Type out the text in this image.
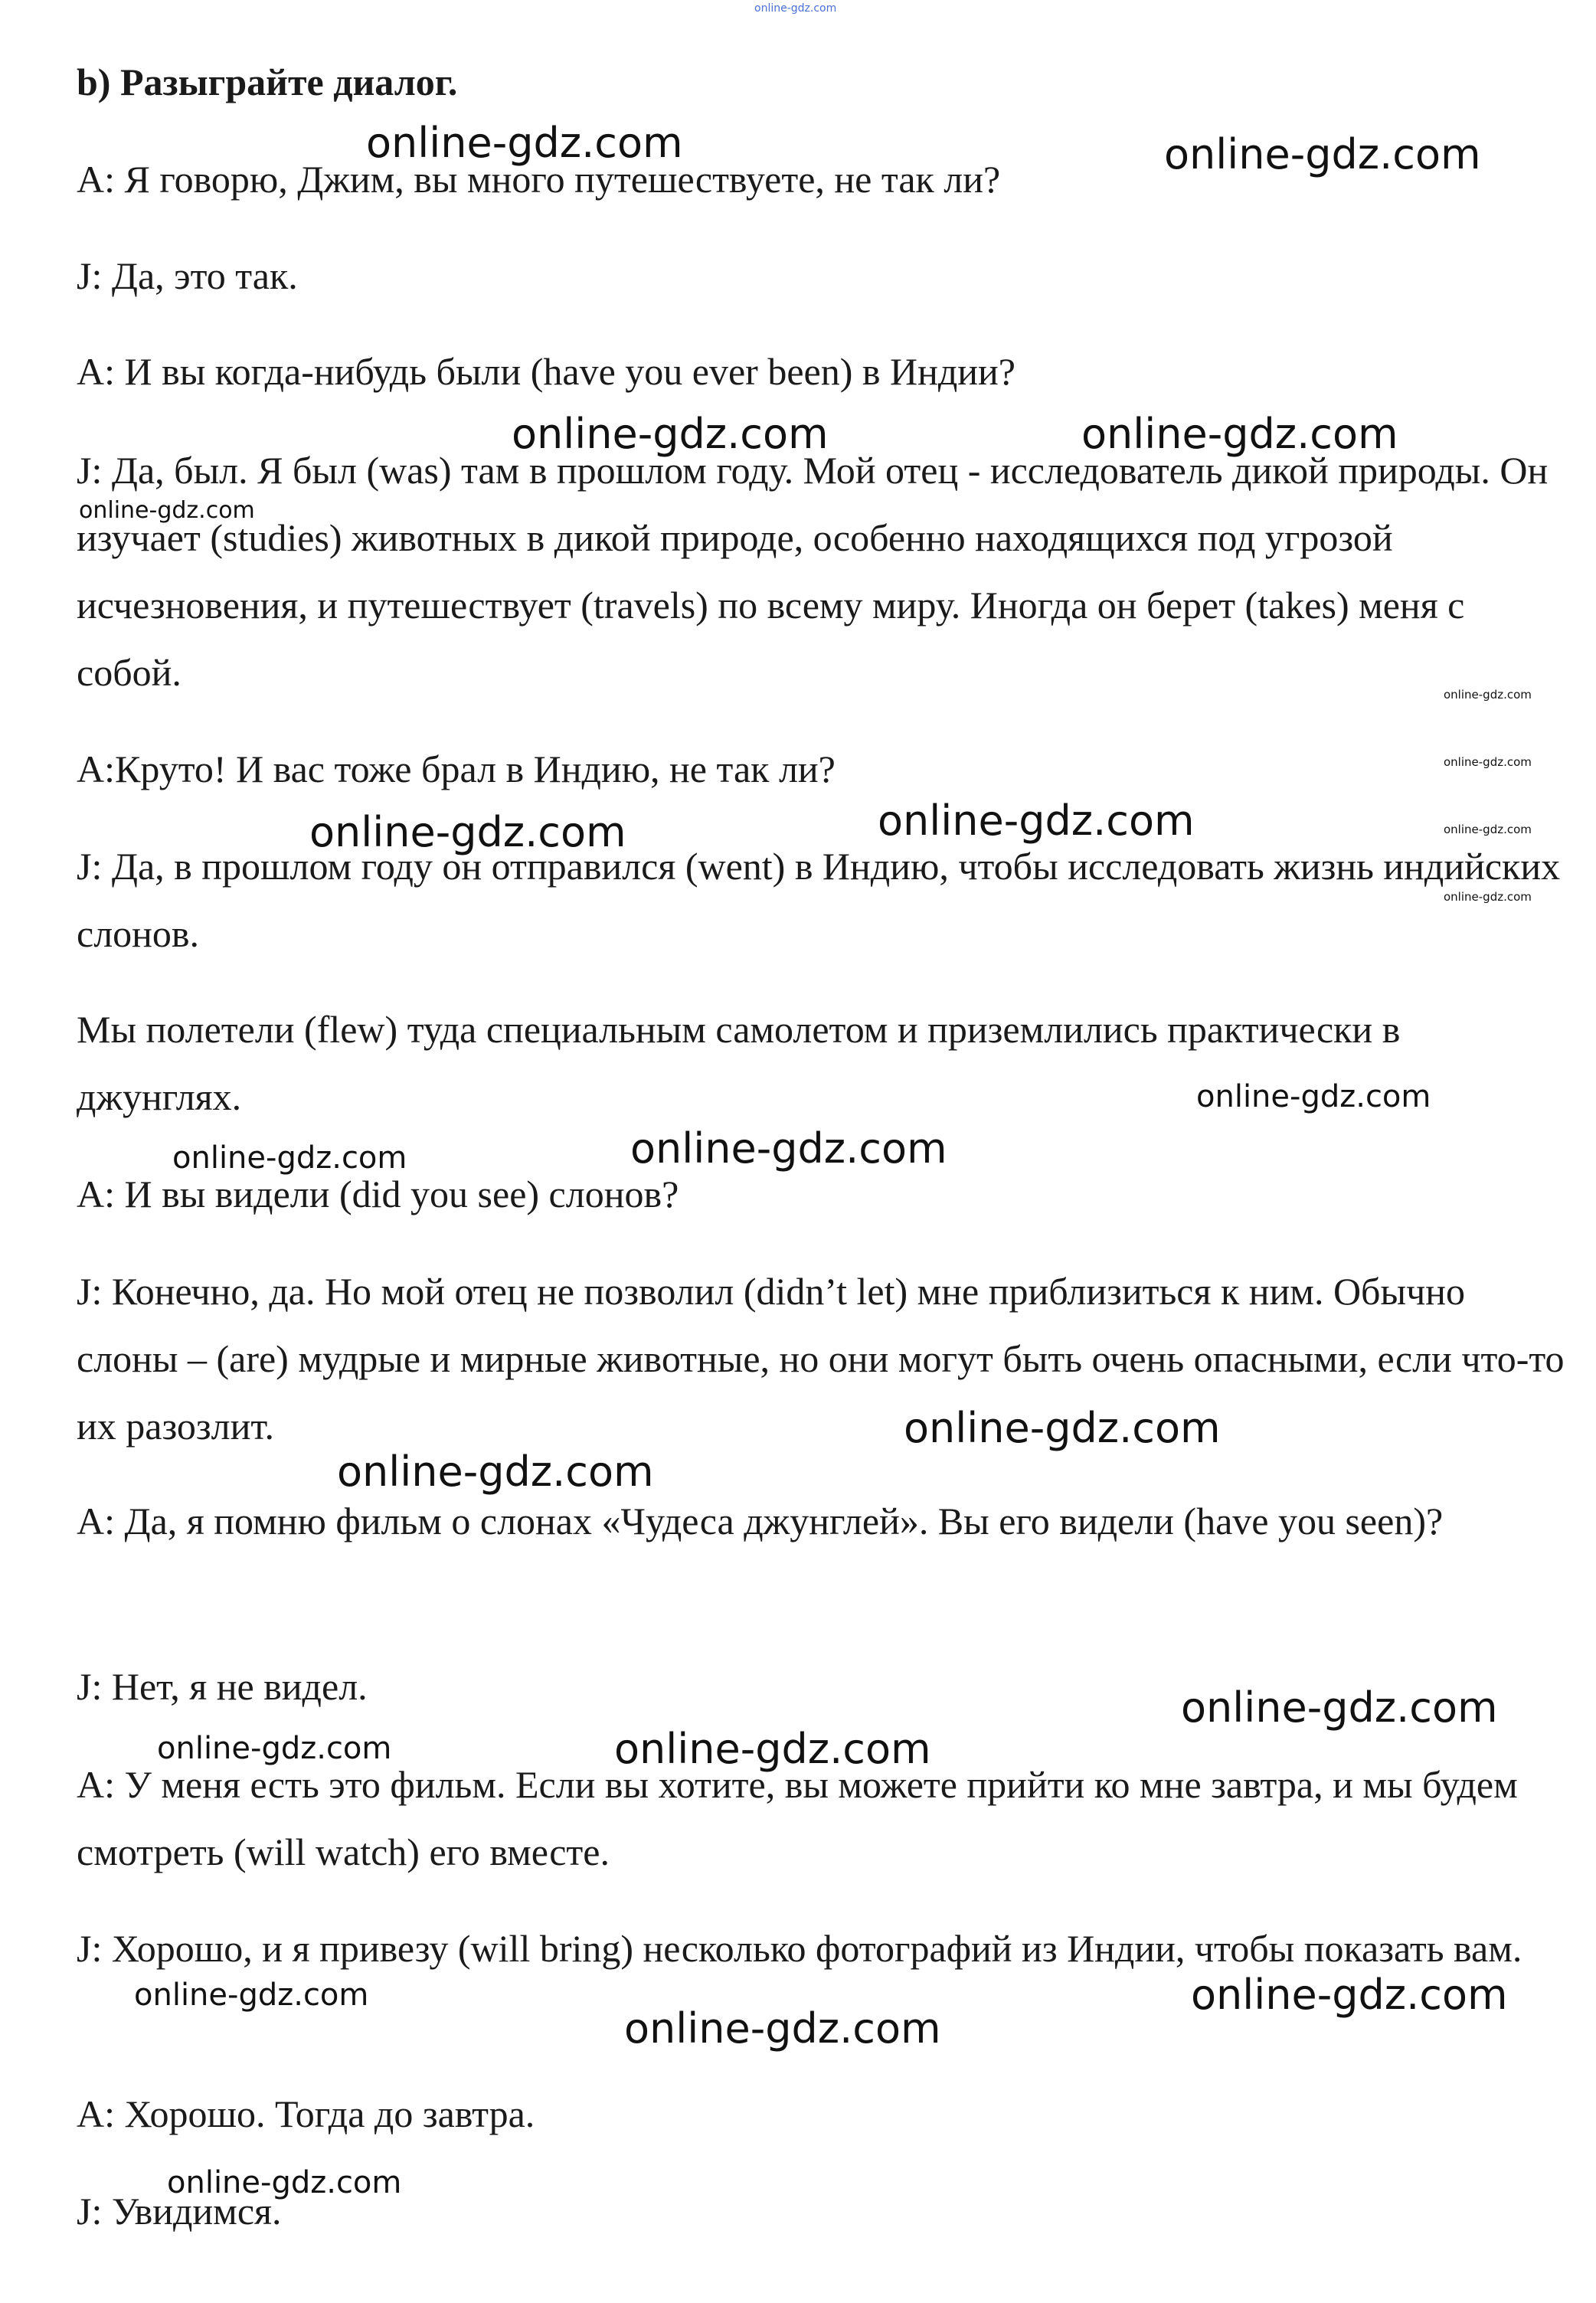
b) Разыграйте диалог.

A: Я говорю, Джим, вы много путешествуете, не так ли?

J: Да, это так.

A: И вы когда-нибудь были (have you ever been) в Индии?

J: Да, был. Я был (was) там в прошлом году. Мой отец - исследователь дикой природы. Он изучает (studies) животных в дикой природе, особенно находящихся под угрозой исчезновения, и путешествует (travels) по всему миру. Иногда он берет (takes) меня с собой.

A:Круто! И вас тоже брал в Индию, не так ли?

J: Да, в прошлом году он отправился (went) в Индию, чтобы исследовать жизнь индийских слонов.

Мы полетели (flew) туда специальным самолетом и приземлились практически в джунглях.

A: И вы видели (did you see) слонов?

J: Конечно, да. Но мой отец не позволил (didn’t let) мне приблизиться к ним. Обычно слоны – (are) мудрые и мирные животные, но они могут быть очень опасными, если что-то их разозлит.

A: Да, я помню фильм о слонах «Чудеса джунглей». Вы его видели (have you seen)?

J: Нет, я не видел.

A: У меня есть это фильм. Если вы хотите, вы можете прийти ко мне завтра, и мы будем смотреть (will watch) его вместе.

J: Хорошо, и я привезу (will bring) несколько фотографий из Индии, чтобы показать вам.

A: Хорошо. Тогда до завтра.

J: Увидимся.

online-gdz.com
online-gdz.com	online-gdz.com
online-gdz.com	online-gdz.com
online-gdz.com
online-gdz.com
online-gdz.com
online-gdz.com
online-gdz.com
online-gdz.com	online-gdz.com
online-gdz.com
online-gdz.com	online-gdz.com
online-gdz.com
online-gdz.com
online-gdz.com
online-gdz.com	online-gdz.com
online-gdz.com	online-gdz.com
online-gdz.com
online-gdz.com
